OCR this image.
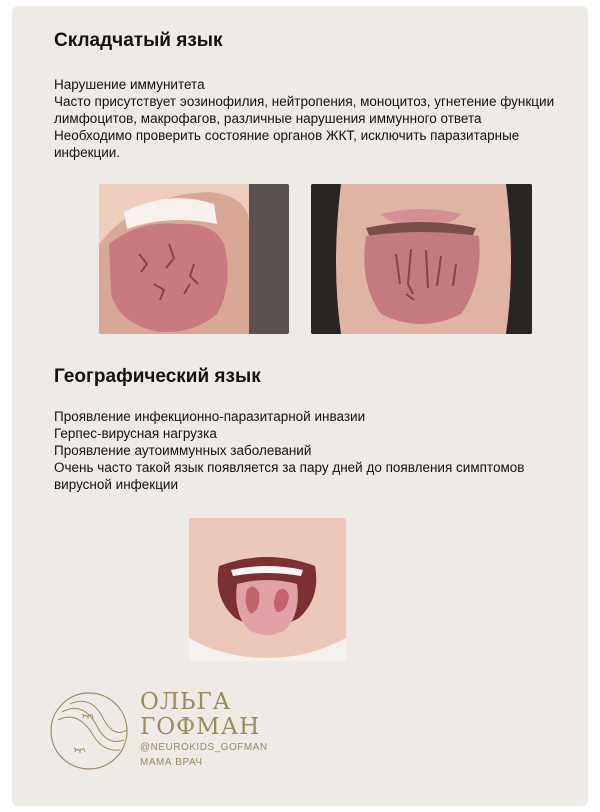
Складчатый язык
Нарушение иммунитета
Часто присутствует эозинофилия, нейтропения, моноцитоз, угнетение функции лимфоцитов, макрофагов, различные нарушения иммунного ответа
Необходимо проверить состояние органов ЖКТ, исключить паразитарные инфекции.
Географический язык
Проявление инфекционно-паразитарной инвазии
Герпес-вирусная нагрузка
Проявление аутоиммунных заболеваний
Очень часто такой язык появляется за пару дней до появления симптомов вирусной инфекции
ОЛЬГА
ГОФМАН
@NEUROKIDS_GOFMAN
МАМА ВРАЧ
